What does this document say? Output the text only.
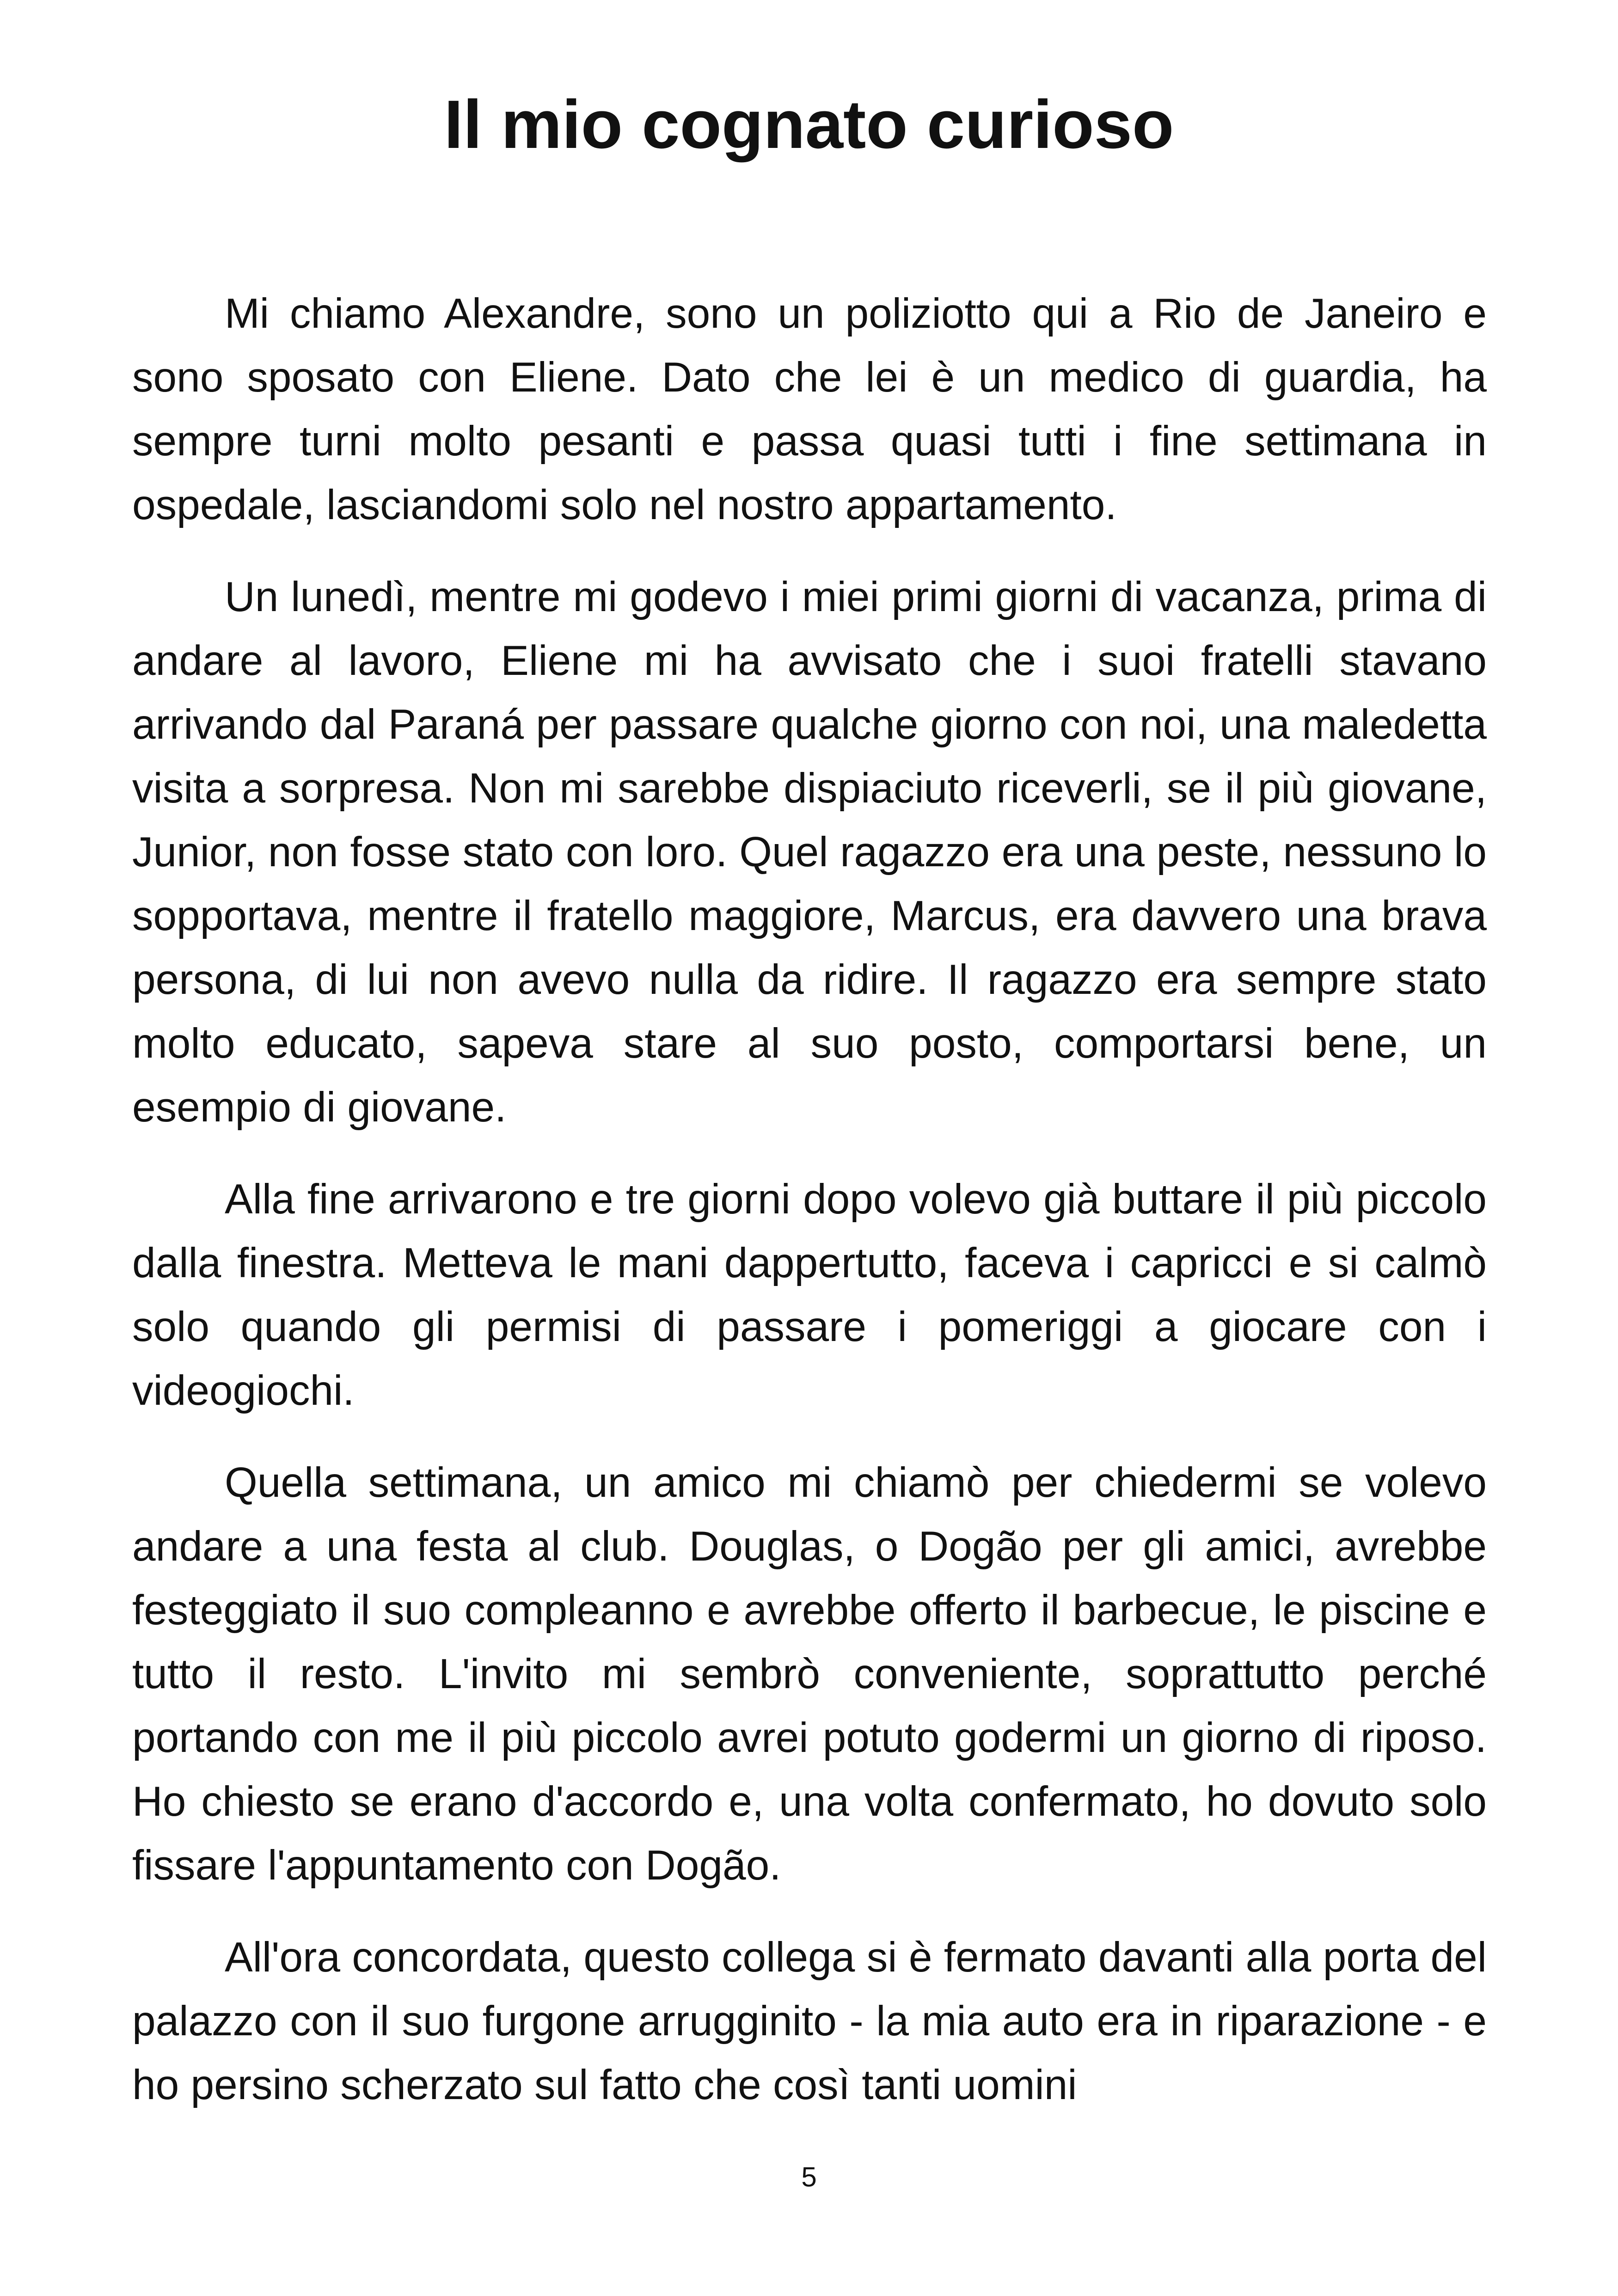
Il mio cognato curioso

Mi chiamo Alexandre, sono un poliziotto qui a Rio de Janeiro e sono sposato con Eliene. Dato che lei è un medico di guardia, ha sempre turni molto pesanti e passa quasi tutti i fine settimana in ospedale, lasciandomi solo nel nostro appartamento.

Un lunedì, mentre mi godevo i miei primi giorni di vacanza, prima di andare al lavoro, Eliene mi ha avvisato che i suoi fratelli stavano arrivando dal Paraná per passare qualche giorno con noi, una maledetta visita a sorpresa. Non mi sarebbe dispiaciuto riceverli, se il più giovane, Junior, non fosse stato con loro. Quel ragazzo era una peste, nessuno lo sopportava, mentre il fratello maggiore, Marcus, era davvero una brava persona, di lui non avevo nulla da ridire. Il ragazzo era sempre stato molto educato, sapeva stare al suo posto, comportarsi bene, un esempio di giovane.

Alla fine arrivarono e tre giorni dopo volevo già buttare il più piccolo dalla finestra. Metteva le mani dappertutto, faceva i capricci e si calmò solo quando gli permisi di passare i pomeriggi a giocare con i videogiochi.

Quella settimana, un amico mi chiamò per chiedermi se volevo andare a una festa al club. Douglas, o Dogão per gli amici, avrebbe festeggiato il suo compleanno e avrebbe offerto il barbecue, le piscine e tutto il resto. L'invito mi sembrò conveniente, soprattutto perché portando con me il più piccolo avrei potuto godermi un giorno di riposo. Ho chiesto se erano d'accordo e, una volta confermato, ho dovuto solo fissare l'appuntamento con Dogão.

All'ora concordata, questo collega si è fermato davanti alla porta del palazzo con il suo furgone arrugginito - la mia auto era in riparazione - e ho persino scherzato sul fatto che così tanti uomini

5
